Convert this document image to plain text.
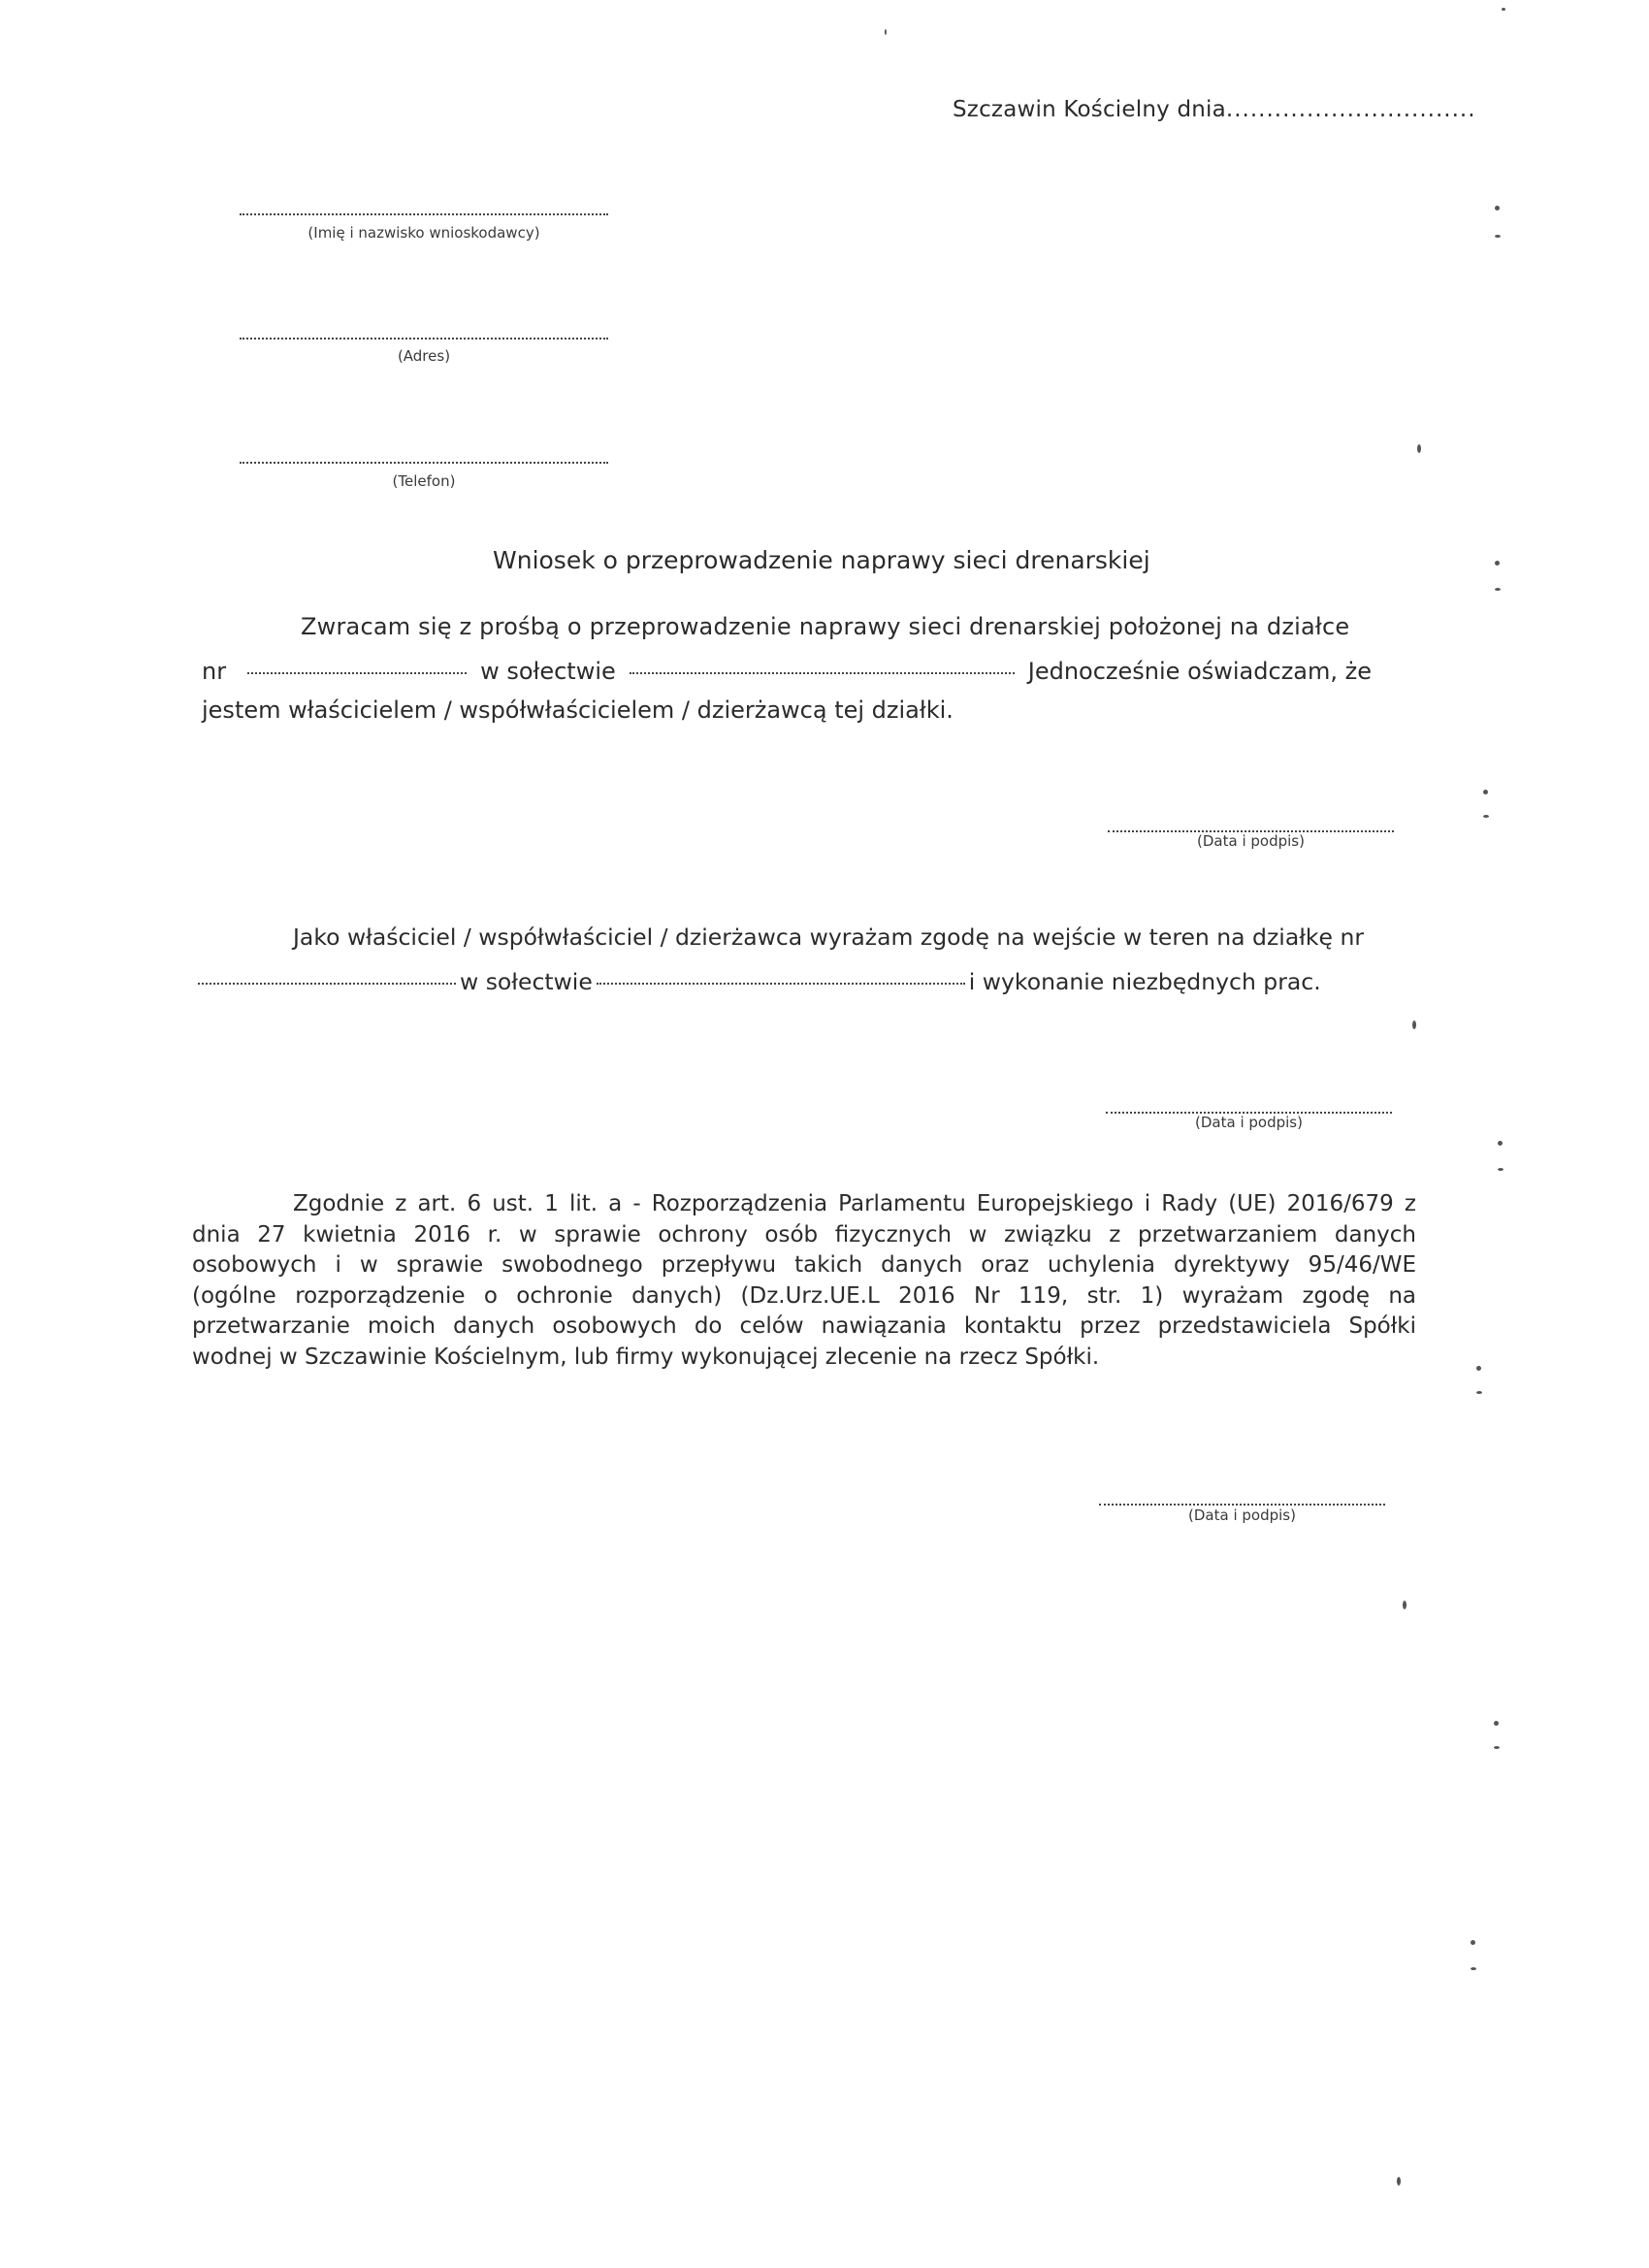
Szczawin Kościelny dnia...............................
(Imię i nazwisko wnioskodawcy)
(Adres)
(Telefon)
Wniosek o przeprowadzenie naprawy sieci drenarskiej
Zwracam się z prośbą o przeprowadzenie naprawy sieci drenarskiej położonej na działce
nr	w sołectwie	Jednocześnie oświadczam, że
jestem właścicielem / współwłaścicielem / dzierżawcą tej działki.
(Data i podpis)
Jako właściciel / współwłaściciel / dzierżawca wyrażam zgodę na wejście w teren na działkę nr
w sołectwie	i wykonanie niezbędnych prac.
(Data i podpis)
Zgodnie z art. 6 ust. 1 lit. a - Rozporządzenia Parlamentu Europejskiego i Rady (UE) 2016/679 z
dnia 27 kwietnia 2016 r. w sprawie ochrony osób fizycznych w związku z przetwarzaniem danych
osobowych i w sprawie swobodnego przepływu takich danych oraz uchylenia dyrektywy 95/46/WE
(ogólne rozporządzenie o ochronie danych) (Dz.Urz.UE.L 2016 Nr 119, str. 1) wyrażam zgodę na
przetwarzanie moich danych osobowych do celów nawiązania kontaktu przez przedstawiciela Spółki
wodnej w Szczawinie Kościelnym, lub firmy wykonującej zlecenie na rzecz Spółki.
(Data i podpis)
